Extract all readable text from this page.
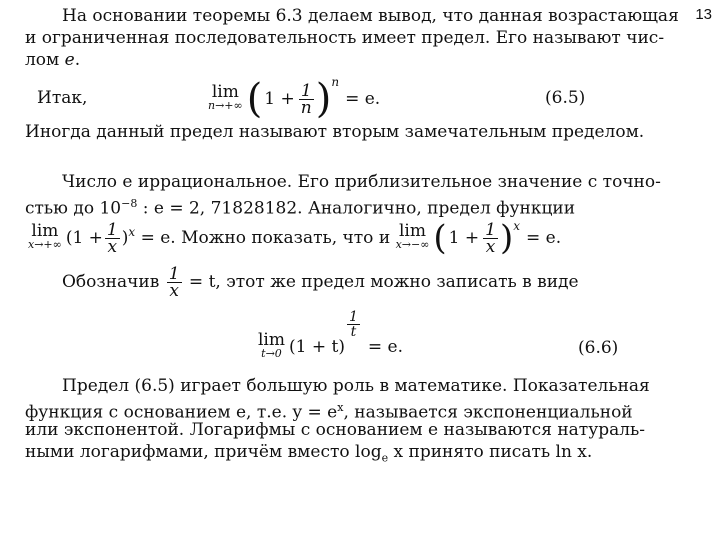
13
На основании теоремы 6.3 делаем вывод, что данная возрастающая
и ограниченная последовательность имеет предел. Его называют чис-
лом e.
Итак,	lim
n→+∞ ( $1 + \frac{1}{n}$ ) n
= e.	(6.5)
Иногда данный предел называют вторым замечательным пределом.
Число e иррациональное. Его приблизительное значение с точно-
стью до $10^{-8}$ : e = 2, 71828182. Аналогично, предел функции
lim
x→+∞ ($1 + \frac{1}{x}$ ) x = e. Можно показать, что и lim
x→−∞ ( $1 + \frac{1}{x}$ ) x
= e.
Обозначив $\frac{1}{x} = t$, этот же предел можно записать в виде
lim
t→0 (1 + t)
$\frac{1}{t}$
= e.	(6.6)
Предел (6.5) играет большую роль в математике. Показательная
функция с основанием e, т.е. $y = e^x$, называется экспоненциальной
или экспонентой. Логарифмы с основанием e называются натураль-
ными логарифмами, причём вместо $\log_e x$ принято писать ln x.
